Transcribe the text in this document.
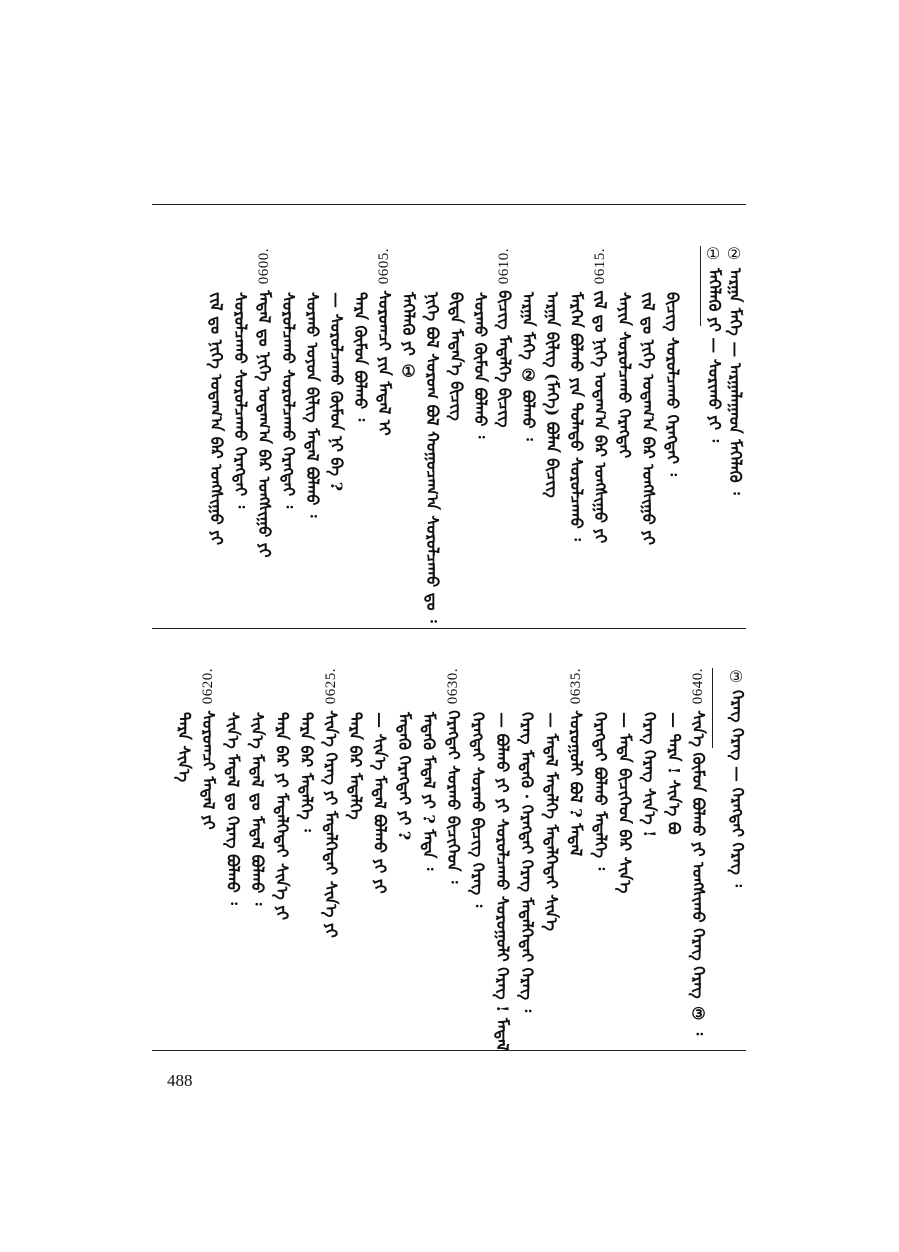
ᠠᠷᠭᠠ ᠮᠡᠬᠡ — ᠠᠷᠭᠠᠯᠠᠭᠠᠳ ᠮᠡᠬᠡᠯᠡᠬᠦ ᠄
②
ᠮᠡᠬᠡᠯᠡᠬᠦ ᠶᠢ — ᠰᠣᠷᠢᠬᠤ ᠶᠢ ᠄
①
ᠪᠢᠴᠢᠭ ᠰᠤᠷᠤᠯᠴᠠᠬᠤ ᠬᠡᠷᠡᠭᠲᠡᠢ ᠄
ᠵᠢᠯ ᠳᠤ ᠨᠢᠭᠡ ᠤᠳᠠᠭ᠎ᠠ ᠪᠡᠷ ᠤᠩᠰᠢᠭᠤ ᠶᠢ
ᠰᠠᠶᠢᠨ ᠰᠤᠷᠤᠯᠴᠠᠬᠤ ᠬᠡᠷᠡᠭᠲᠡᠢ
0615.ᠵᠢᠯ ᠳᠤ ᠨᠢᠭᠡ ᠤᠳᠠᠭ᠎ᠠ ᠪᠡᠷ ᠤᠩᠰᠢᠭᠤ ᠶᠢ
ᠮᠡᠷᠭᠡᠨ ᠪᠣᠯᠬᠤ ᠶᠢᠨ ᠲᠤᠯᠠᠳᠤ ᠰᠤᠷᠤᠯᠴᠠᠬᠤ ᠄
ᠠᠷᠭᠠ ᠪᠢᠯᠢᠭ (ᠮᠡᠬᠡ) ᠪᠣᠯᠠᠨ ᠪᠢᠴᠢᠭ
ᠠᠷᠭᠠ ᠮᠡᠬᠡ ② ᠪᠣᠯᠬᠤ ᠄
0610.ᠪᠢᠴᠢᠭ ᠮᠡᠳᠡᠯᠭᠡ ᠪᠢᠴᠢᠭ
ᠰᠤᠷᠬᠤ ᠬᠦᠮᠦᠨ ᠪᠣᠯᠬᠤ ᠄
ᠪᠢᠳᠡ ᠮᠡᠳᠡᠨ᠎ᠡ ᠪᠢᠴᠢᠭ
ᠨᠢᠭᠡ ᠪᠣᠯ ᠰᠤᠷᠤᠭ ᠪᠣᠯ ᠬᠤᠭᠤᠴᠠᠭ᠎ᠠ ᠰᠤᠷᠤᠯᠴᠠᠬᠤ ᠳᠤ ᠄
ᠮᠡᠬᠡᠯᠡᠬᠦ ᠶᠢ ①
0605.ᠰᠤᠷᠤᠭᠴᠢ ᠶᠢᠨ ᠮᠡᠳᠡᠯ ᠢ
ᠲᠡᠷᠡ ᠬᠦᠮᠦᠨ ᠪᠣᠯᠬᠤ ᠄
— ᠰᠤᠷᠤᠯᠴᠠᠬᠤ ᠬᠦᠮᠦᠨ ᠨᠢ ᠪᠡ ?
ᠰᠤᠷᠬᠤ ᠤᠶᠤᠨ ᠪᠢᠯᠢᠭ ᠮᠡᠳᠡᠯ ᠪᠣᠯᠬᠤ ᠄
ᠰᠤᠷᠤᠯᠴᠠᠬᠤ ᠰᠤᠷᠤᠯᠴᠠᠬᠤ ᠬᠡᠷᠡᠭᠲᠡᠢ ᠄
0600.ᠮᠡᠳᠡᠯ ᠳᠤ ᠨᠢᠭᠡ ᠤᠳᠠᠭ᠎ᠠ ᠪᠡᠷ ᠤᠩᠰᠢᠭᠤ ᠶᠢ
ᠰᠤᠷᠤᠯᠴᠠᠬᠤ ᠰᠤᠷᠤᠯᠴᠠᠬᠤ ᠬᠡᠷᠡᠭᠲᠡᠢ ᠄
ᠵᠢᠯ ᠳᠤ ᠨᠢᠭᠡ ᠤᠳᠠᠭ᠎ᠠ ᠪᠡᠷ ᠤᠩᠰᠢᠭᠤ ᠶᠢ
③
ᠬᠡᠷᠡᠭ ᠬᠡᠷᠡᠭ — ᠬᠡᠷᠡᠭᠲᠡᠢ ᠬᠡᠷᠡᠭ ᠄
0640.ᠰᠢᠨ᠎ᠡ ᠬᠦᠮᠦᠨ ᠪᠣᠯᠬᠤ ᠶᠢ ᠤᠩᠰᠢᠬᠤ ᠬᠡᠷᠡᠭ ᠬᠡᠷᠡᠭ ③ ᠄
— ᠲᠡᠷᠡ ! ᠰᠢᠨ᠎ᠡ ᠪᠣ
ᠬᠡᠷᠡᠭ ᠬᠡᠷᠡᠭ ᠰᠢᠨ᠎ᠡ !
— ᠮᠡᠳᠡ ᠪᠢᠴᠢᠭᠡᠳ ᠪᠡᠷ ᠰᠢᠨ᠎ᠡ
ᠬᠡᠷᠡᠭᠲᠡᠢ ᠪᠣᠯᠬᠤ ᠮᠡᠳᠡᠯᠭᠡ ᠄
0635.ᠰᠤᠷᠤᠭᠤᠯᠢ ᠪᠣᠯ ? ᠮᠡᠳᠡᠯ
— ᠮᠡᠳᠡᠯ ᠮᠡᠳᠡᠯᠭᠡ ᠮᠡᠳᠡᠯᠭᠡᠲᠡᠢ ᠰᠢᠨ᠎ᠡ
ᠬᠡᠷᠡᠭ ᠮᠡᠳᠡᠬᠦ · ᠬᠡᠷᠡᠭᠲᠡᠢ ᠬᠡᠷᠡᠭ ᠮᠡᠳᠡᠯᠭᠡᠲᠡᠢ ᠬᠡᠷᠡᠭ ᠄
— ᠪᠣᠯᠬᠤ ᠶᠢ ᠶᠢ ᠰᠤᠷᠤᠯᠴᠠᠬᠤ ᠰᠤᠷᠤᠭᠤᠯᠢ ᠬᠡᠷᠡᠭ ! ᠮᠡᠳᠡᠯ
ᠬᠡᠷᠡᠭᠲᠡᠢ ᠰᠤᠷᠬᠤ ᠪᠢᠴᠢᠭ ᠬᠡᠷᠡᠭ ᠄
0630.ᠬᠡᠷᠡᠭᠲᠡᠢ ᠰᠤᠷᠬᠤ ᠪᠢᠴᠢᠭᠡᠳ ᠄
ᠮᠡᠳᠡᠬᠦ ᠮᠡᠳᠡᠯ ᠶᠢ ? ᠮᠡᠳᠡ ᠄
ᠮᠡᠳᠡᠬᠦ ᠬᠡᠷᠡᠭᠲᠡᠢ ᠶᠢ ?
— ᠰᠢᠨ᠎ᠡ ᠮᠡᠳᠡᠯ ᠪᠣᠯᠬᠤ ᠶᠢ ᠶᠢ
ᠲᠡᠷᠡ ᠪᠡᠷ ᠮᠡᠳᠡᠯᠭᠡ
0625.ᠰᠢᠨ᠎ᠡ ᠬᠡᠷᠡᠭ ᠶᠢ ᠮᠡᠳᠡᠯᠭᠡᠲᠡᠢ ᠰᠢᠨ᠎ᠡ ᠶᠢ
ᠲᠡᠷᠡ ᠪᠡᠷ ᠮᠡᠳᠡᠯᠭᠡ ᠄
ᠲᠡᠷᠡ ᠪᠡᠷ ᠶᠢ ᠮᠡᠳᠡᠯᠭᠡᠲᠡᠢ ᠰᠢᠨ᠎ᠡ ᠶᠢ
ᠰᠢᠨ᠎ᠡ ᠮᠡᠳᠡᠯ ᠳᠤ ᠮᠡᠳᠡᠯ ᠪᠣᠯᠬᠤ ᠄
ᠰᠢᠨ᠎ᠡ ᠮᠡᠳᠡᠯ ᠳᠤ ᠬᠡᠷᠡᠭ ᠪᠣᠯᠬᠤ ᠄
0620.ᠰᠤᠷᠤᠭᠴᠢ ᠮᠡᠳᠡᠯ ᠶᠢ
ᠲᠡᠷᠡ ᠰᠢᠨ᠎ᠡ
488
